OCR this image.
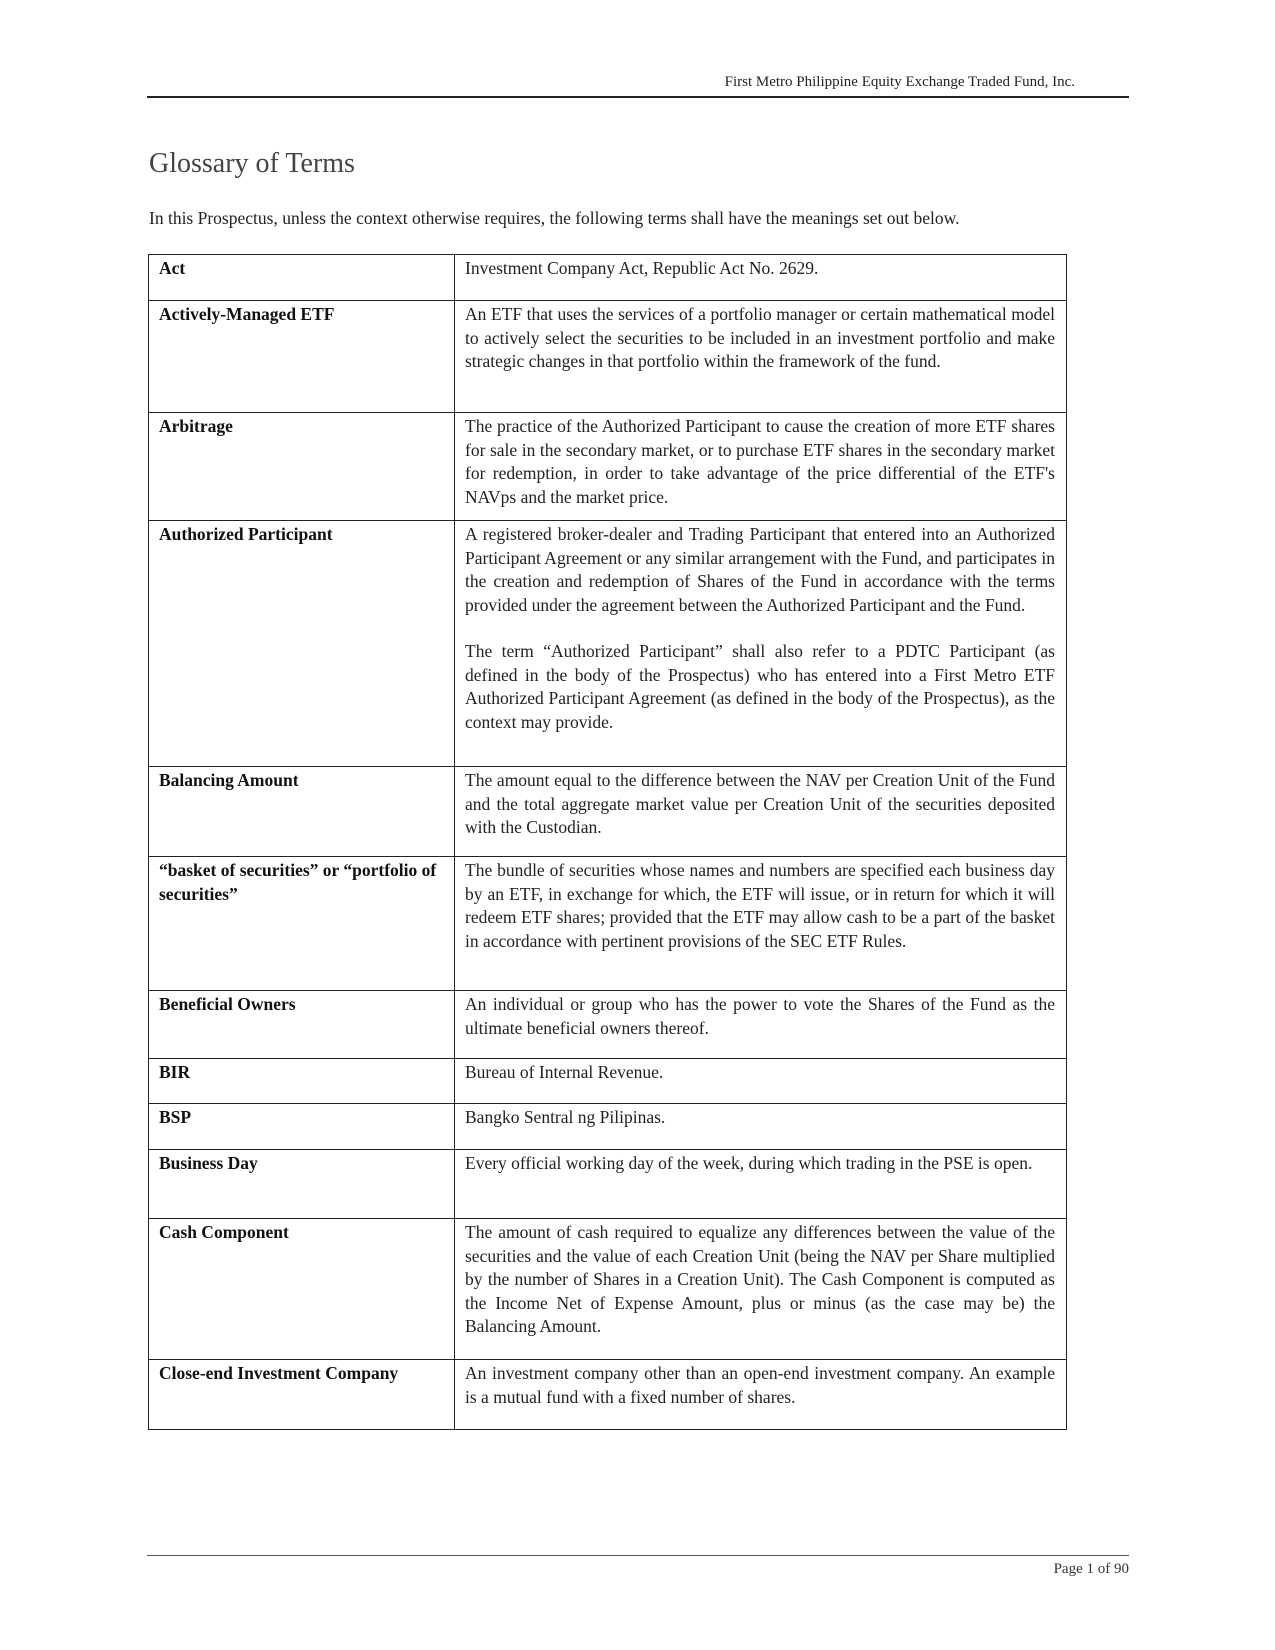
First Metro Philippine Equity Exchange Traded Fund, Inc.
Glossary of Terms

In this Prospectus, unless the context otherwise requires, the following terms shall have the meanings set out below.

Act	Investment Company Act, Republic Act No. 2629.

Actively-Managed ETF	An ETF that uses the services of a portfolio manager or certain mathematical model to actively select the securities to be included in an investment portfolio and make strategic changes in that portfolio within the framework of the fund.

Arbitrage	The practice of the Authorized Participant to cause the creation of more ETF shares for sale in the secondary market, or to purchase ETF shares in the secondary market for redemption, in order to take advantage of the price differential of the ETF's NAVps and the market price.

Authorized Participant	A registered broker-dealer and Trading Participant that entered into an Authorized Participant Agreement or any similar arrangement with the Fund, and participates in the creation and redemption of Shares of the Fund in accordance with the terms provided under the agreement between the Authorized Participant and the Fund.

The term “Authorized Participant” shall also refer to a PDTC Participant (as defined in the body of the Prospectus) who has entered into a First Metro ETF Authorized Participant Agreement (as defined in the body of the Prospectus), as the context may provide.

Balancing Amount	The amount equal to the difference between the NAV per Creation Unit of the Fund and the total aggregate market value per Creation Unit of the securities deposited with the Custodian.

“basket of securities” or “portfolio of securities”	The bundle of securities whose names and numbers are specified each business day by an ETF, in exchange for which, the ETF will issue, or in return for which it will redeem ETF shares; provided that the ETF may allow cash to be a part of the basket in accordance with pertinent provisions of the SEC ETF Rules.

Beneficial Owners	An individual or group who has the power to vote the Shares of the Fund as the ultimate beneficial owners thereof.

BIR	Bureau of Internal Revenue.

BSP	Bangko Sentral ng Pilipinas.

Business Day	Every official working day of the week, during which trading in the PSE is open.

Cash Component	The amount of cash required to equalize any differences between the value of the securities and the value of each Creation Unit (being the NAV per Share multiplied by the number of Shares in a Creation Unit). The Cash Component is computed as the Income Net of Expense Amount, plus or minus (as the case may be) the Balancing Amount.

Close-end Investment Company	An investment company other than an open-end investment company. An example is a mutual fund with a fixed number of shares.

Page 1 of 90
